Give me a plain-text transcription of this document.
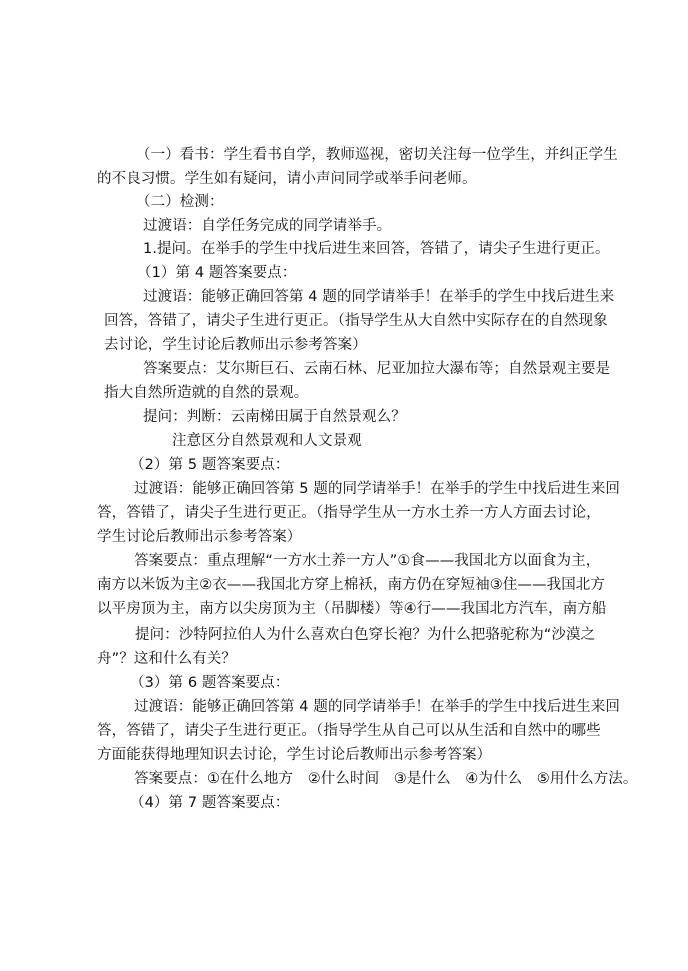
（一）看书：学生看书自学，教师巡视，密切关注每一位学生，并纠正学生
的不良习惯。学生如有疑问，请小声问同学或举手问老师。
（二）检测：
过渡语：自学任务完成的同学请举手。
1.提问。在举手的学生中找后进生来回答，答错了，请尖子生进行更正。
（1）第 4 题答案要点：
过渡语：能够正确回答第 4 题的同学请举手！在举手的学生中找后进生来
回答，答错了，请尖子生进行更正。（指导学生从大自然中实际存在的自然现象
去讨论，学生讨论后教师出示参考答案）
答案要点：艾尔斯巨石、云南石林、尼亚加拉大瀑布等；自然景观主要是
指大自然所造就的自然的景观。
提问：判断：云南梯田属于自然景观么？
注意区分自然景观和人文景观
（2）第 5 题答案要点：
过渡语：能够正确回答第 5 题的同学请举手！在举手的学生中找后进生来回
答，答错了，请尖子生进行更正。（指导学生从一方水土养一方人方面去讨论，
学生讨论后教师出示参考答案）
答案要点：重点理解“一方水土养一方人”①食——我国北方以面食为主，
南方以米饭为主②衣——我国北方穿上棉袄，南方仍在穿短袖③住——我国北方
以平房顶为主，南方以尖房顶为主（吊脚楼）等④行——我国北方汽车，南方船
提问：沙特阿拉伯人为什么喜欢白色穿长袍？为什么把骆驼称为“沙漠之
舟”？这和什么有关？
（3）第 6 题答案要点：
过渡语：能够正确回答第 4 题的同学请举手！在举手的学生中找后进生来回
答，答错了，请尖子生进行更正。（指导学生从自己可以从生活和自然中的哪些
方面能获得地理知识去讨论，学生讨论后教师出示参考答案）
答案要点：①在什么地方　②什么时间　③是什么　④为什么　⑤用什么方法。
（4）第 7 题答案要点：
